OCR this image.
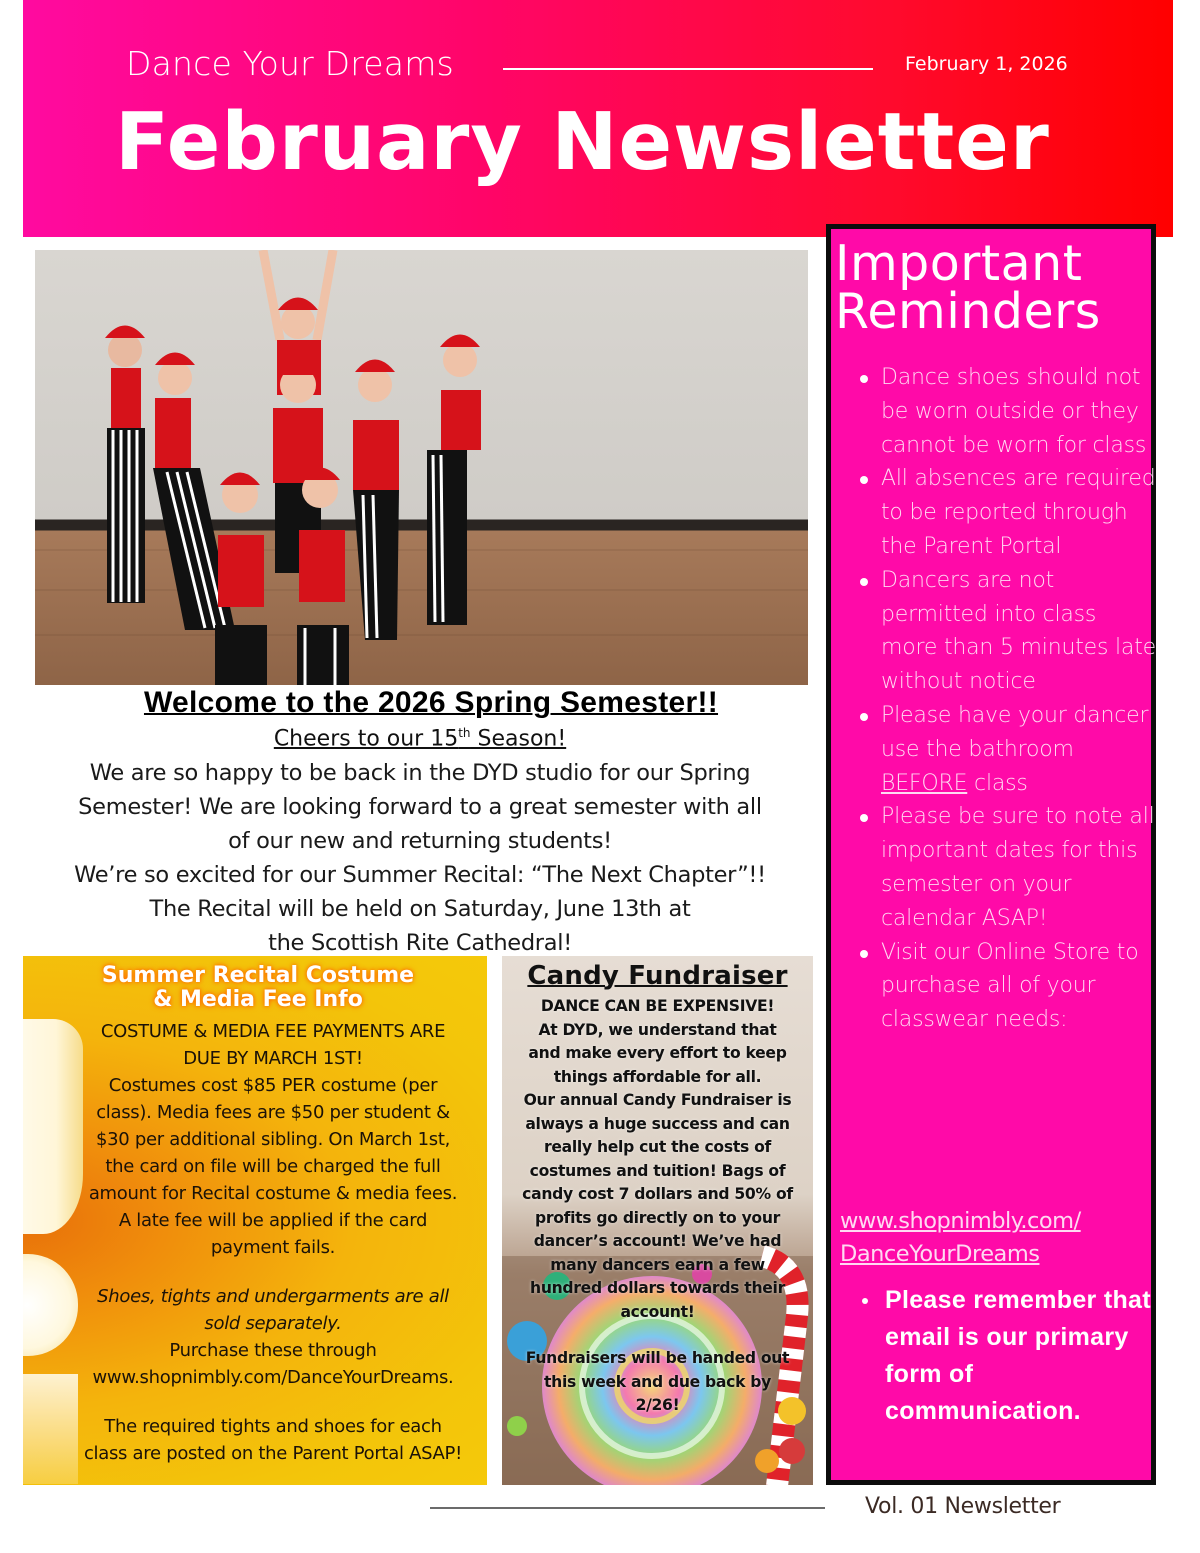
Dance Your Dreams	February 1, 2026
February Newsletter
Welcome to the 2026 Spring Semester!!
Cheers to our 15th Season!
We are so happy to be back in the DYD studio for our Spring
Semester! We are looking forward to a great semester with all
of our new and returning students!
We’re so excited for our Summer Recital: “The Next Chapter”!!
The Recital will be held on Saturday, June 13th at
the Scottish Rite Cathedral!
Summer Recital Costume
& Media Fee Info

COSTUME & MEDIA FEE PAYMENTS ARE

DUE BY MARCH 1ST!

Costumes cost $85 PER costume (per

class). Media fees are $50 per student &

$30 per additional sibling. On March 1st,

the card on file will be charged the full

amount for Recital costume & media fees.

A late fee will be applied if the card

payment fails.

Shoes, tights and undergarments are all

sold separately.

Purchase these through

www.shopnimbly.com/DanceYourDreams.

The required tights and shoes for each

class are posted on the Parent Portal ASAP!

Candy Fundraiser
DANCE CAN BE EXPENSIVE!
At DYD, we understand that
and make every effort to keep
things affordable for all.
Our annual Candy Fundraiser is
always a huge success and can
really help cut the costs of
costumes and tuition! Bags of
candy cost 7 dollars and 50% of
profits go directly on to your
dancer’s account! We’ve had
many dancers earn a few
hundred dollars towards their
account!
Fundraisers will be handed out
this week and due back by
2/26!
Important
Reminders
Dance shoes should not be worn outside or they cannot be worn for class
All absences are required to be reported through the Parent Portal
Dancers are not permitted into class more than 5 minutes late without notice
Please have your dancer use the bathroom BEFORE class
Please be sure to note all important dates for this semester on your calendar ASAP!
Visit our Online Store to purchase all of your classwear needs:
www.shopnimbly.com/
DanceYourDreams
Please remember that email is our primary form of communication.
Vol. 01 Newsletter
